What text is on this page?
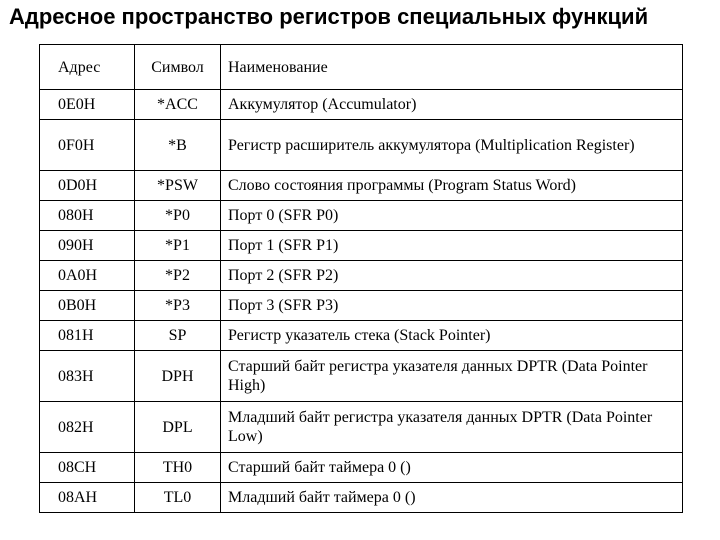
Адресное пространство регистров специальных функций
Адрес	Символ	Наименование
0E0H	*ACC	Аккумулятор (Accumulator)
0F0H	*B	Регистр расширитель аккумулятора (Multiplication Register)
0D0H	*PSW	Слово состояния программы (Program Status Word)
080H	*P0	Порт 0 (SFR P0)
090H	*P1	Порт 1 (SFR P1)
0A0H	*P2	Порт 2 (SFR P2)
0B0H	*P3	Порт 3 (SFR P3)
081H	SP	Регистр указатель стека (Stack Pointer)
083H	DPH	Старший байт регистра указателя данных DPTR (Data Pointer High)
082H	DPL	Младший байт регистра указателя данных DPTR (Data Pointer Low)
08CH	TH0	Старший байт таймера 0 ()
08AH	TL0	Младший байт таймера 0 ()
